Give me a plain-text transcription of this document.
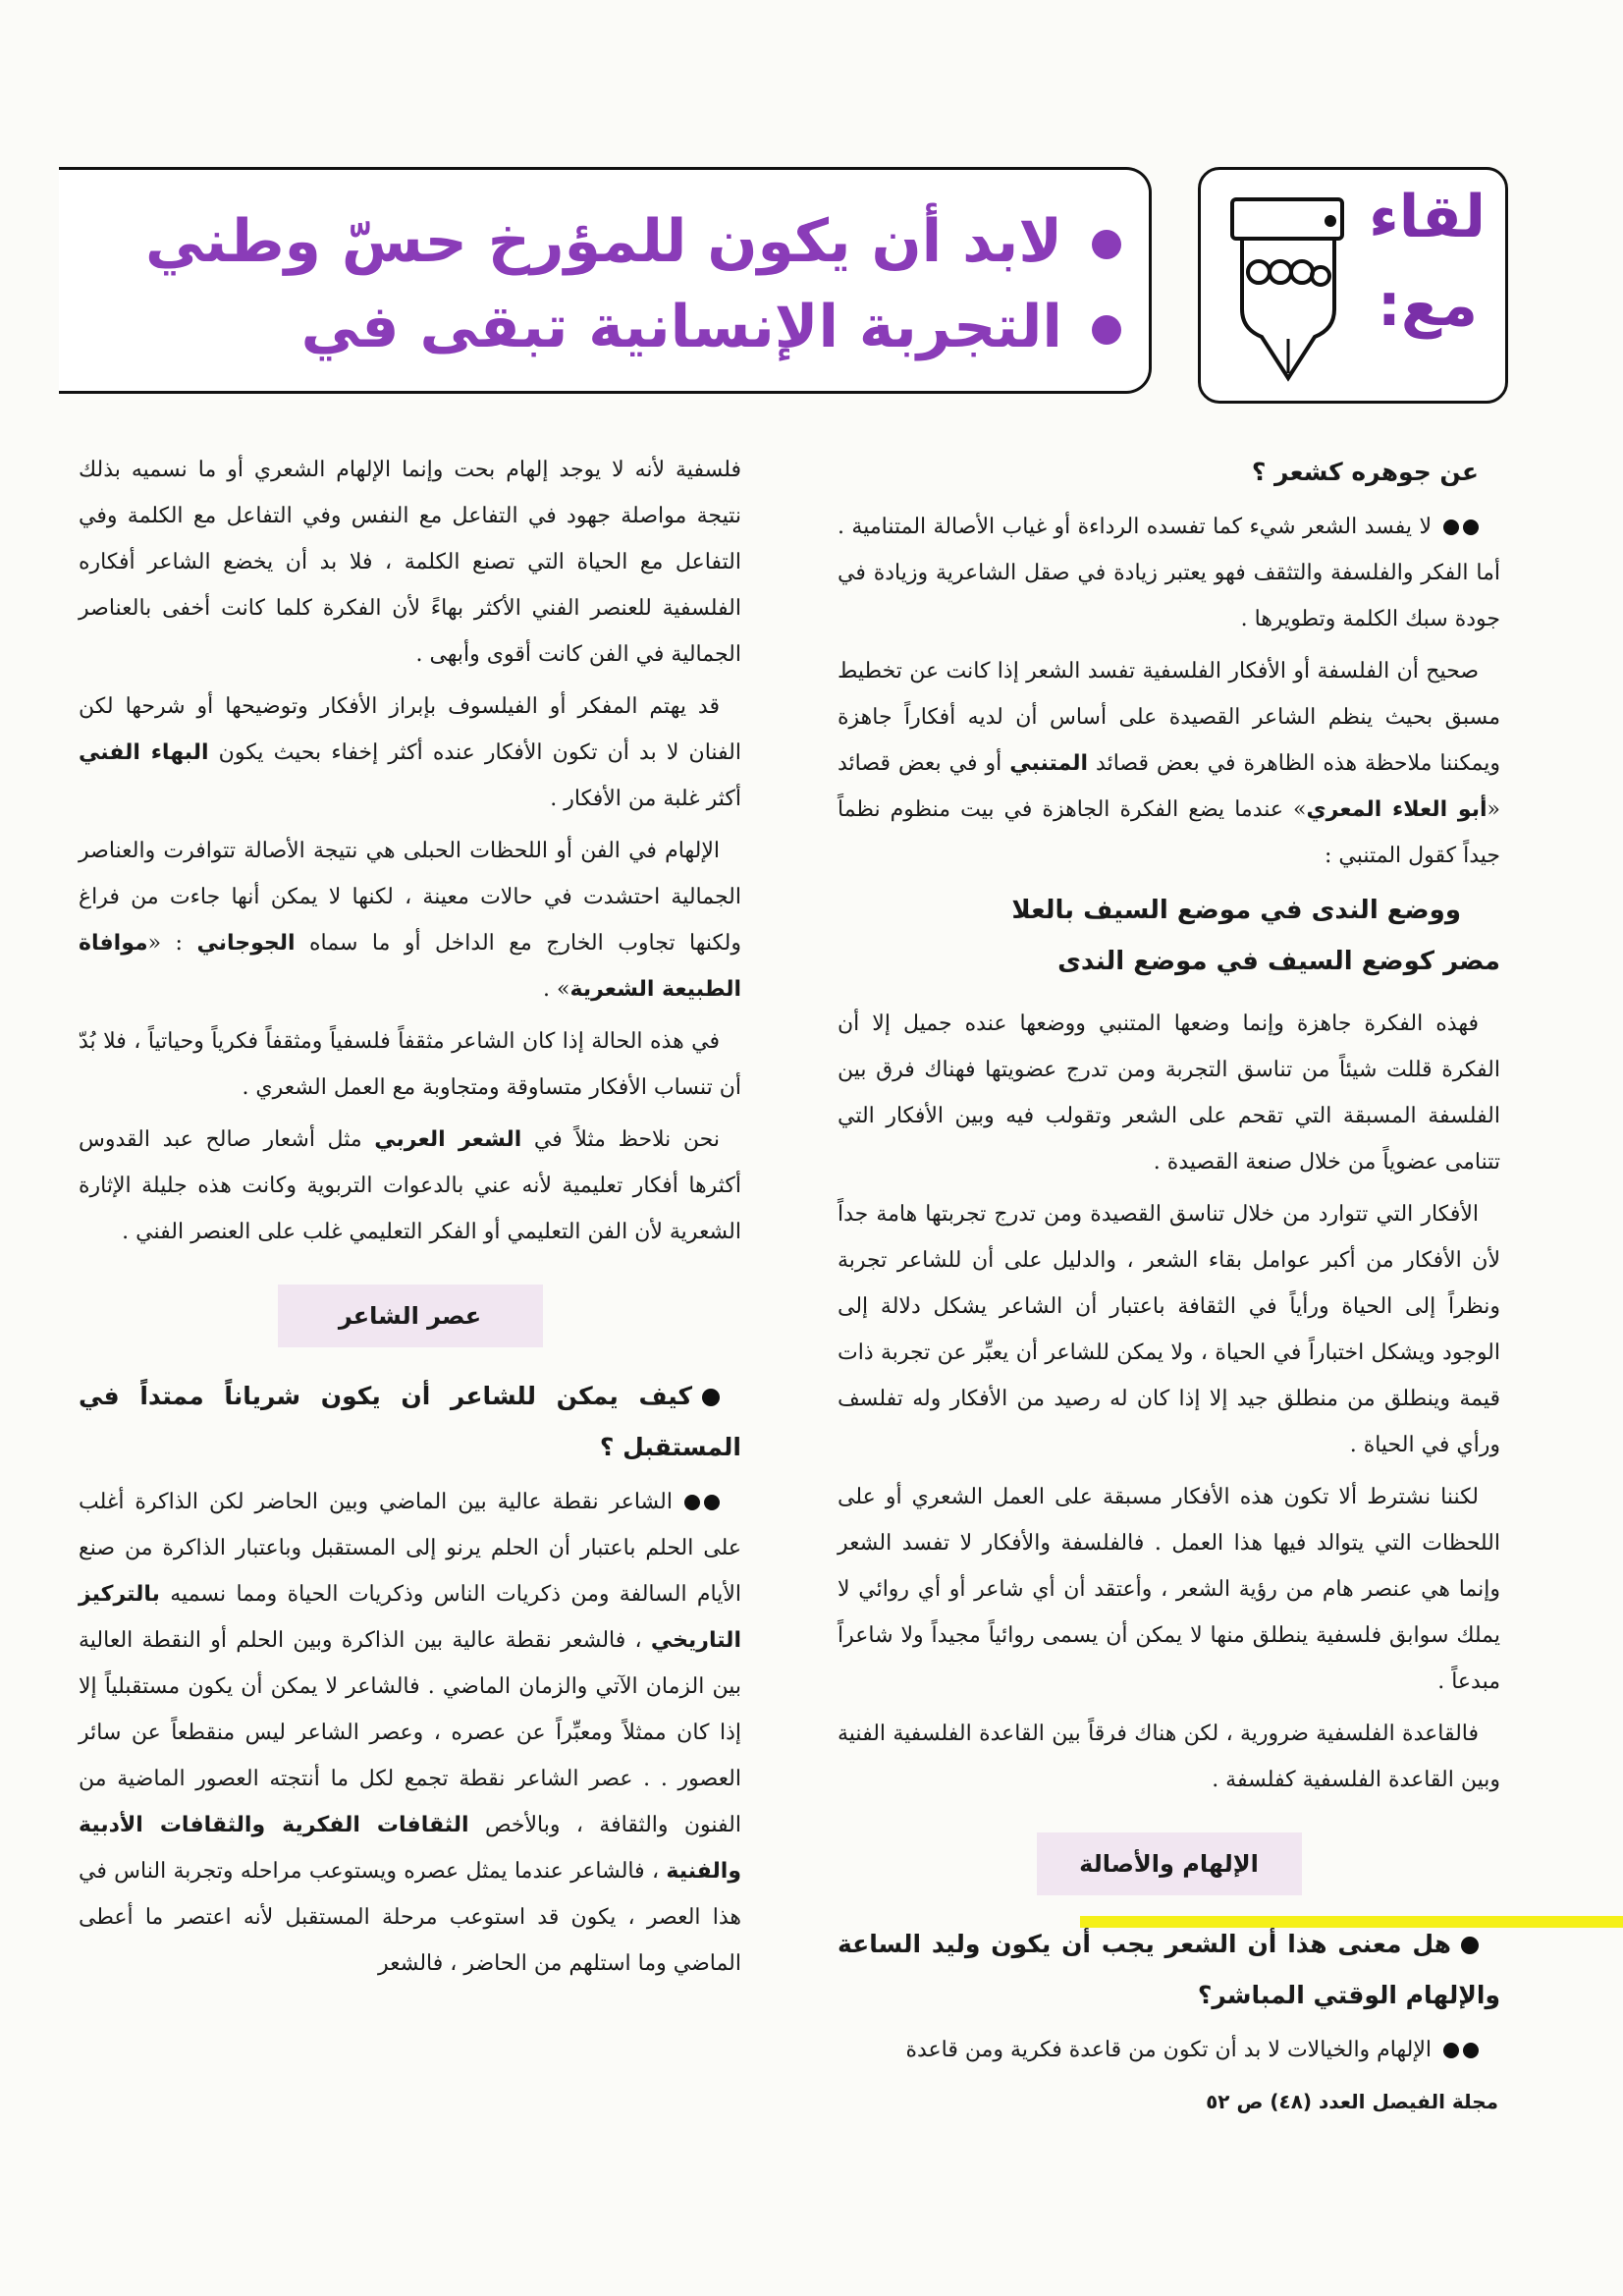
لقاء

مع:

لابد أن يكون للمؤرخ حسّ وطني

التجربة الإنسانية تبقى في

عن جوهره كشعر ؟

لا يفسد الشعر شيء كما تفسده الرداءة أو غياب الأصالة المتنامية . أما الفكر والفلسفة والتثقف فهو يعتبر زيادة في صقل الشاعرية وزيادة في جودة سبك الكلمة وتطويرها .

صحيح أن الفلسفة أو الأفكار الفلسفية تفسد الشعر إذا كانت عن تخطيط مسبق بحيث ينظم الشاعر القصيدة على أساس أن لديه أفكاراً جاهزة ويمكننا ملاحظة هذه الظاهرة في بعض قصائد المتنبي أو في بعض قصائد «أبو العلاء المعري» عندما يضع الفكرة الجاهزة في بيت منظوم نظماً جيداً كقول المتنبي :

ووضع الندى في موضع السيف بالعلا
مضر كوضع السيف في موضع الندى

فهذه الفكرة جاهزة وإنما وضعها المتنبي ووضعها عنده جميل إلا أن الفكرة قللت شيئاً من تناسق التجربة ومن تدرج عضويتها فهناك فرق بين الفلسفة المسبقة التي تقحم على الشعر وتقولب فيه وبين الأفكار التي تتنامى عضوياً من خلال صنعة القصيدة .

الأفكار التي تتوارد من خلال تناسق القصيدة ومن تدرج تجربتها هامة جداً لأن الأفكار من أكبر عوامل بقاء الشعر ، والدليل على أن للشاعر تجربة ونظراً إلى الحياة ورأياً في الثقافة باعتبار أن الشاعر يشكل دلالة إلى الوجود ويشكل اختباراً في الحياة ، ولا يمكن للشاعر أن يعبِّر عن تجربة ذات قيمة وينطلق من منطلق جيد إلا إذا كان له رصيد من الأفكار وله تفلسف ورأي في الحياة .

لكننا نشترط ألا تكون هذه الأفكار مسبقة على العمل الشعري أو على اللحظات التي يتوالد فيها هذا العمل . فالفلسفة والأفكار لا تفسد الشعر وإنما هي عنصر هام من رؤية الشعر ، وأعتقد أن أي شاعر أو أي روائي لا يملك سوابق فلسفية ينطلق منها لا يمكن أن يسمى روائياً مجيداً ولا شاعراً مبدعاً .

فالقاعدة الفلسفية ضرورية ، لكن هناك فرقاً بين القاعدة الفلسفية الفنية وبين القاعدة الفلسفية كفلسفة .

الإلهام والأصالة

هل معنى هذا أن الشعر يجب أن يكون وليد الساعة والإلهام الوقتي المباشر؟

الإلهام والخيالات لا بد أن تكون من قاعدة فكرية ومن قاعدة

فلسفية لأنه لا يوجد إلهام بحت وإنما الإلهام الشعري أو ما نسميه بذلك نتيجة مواصلة جهود في التفاعل مع النفس وفي التفاعل مع الكلمة وفي التفاعل مع الحياة التي تصنع الكلمة ، فلا بد أن يخضع الشاعر أفكاره الفلسفية للعنصر الفني الأكثر بهاءً لأن الفكرة كلما كانت أخفى بالعناصر الجمالية في الفن كانت أقوى وأبهى .

قد يهتم المفكر أو الفيلسوف بإبراز الأفكار وتوضيحها أو شرحها لكن الفنان لا بد أن تكون الأفكار عنده أكثر إخفاء بحيث يكون البهاء الفني أكثر غلبة من الأفكار .

الإلهام في الفن أو اللحظات الحبلى هي نتيجة الأصالة تتوافرت والعناصر الجمالية احتشدت في حالات معينة ، لكنها لا يمكن أنها جاءت من فراغ ولكنها تجاوب الخارج مع الداخل أو ما سماه الجوجاني : «موافاة الطبيعة الشعرية» .

في هذه الحالة إذا كان الشاعر مثقفاً فلسفياً ومثقفاً فكرياً وحياتياً ، فلا بُدّ أن تنساب الأفكار متساوقة ومتجاوبة مع العمل الشعري .

نحن نلاحظ مثلاً في الشعر العربي مثل أشعار صالح عبد القدوس أكثرها أفكار تعليمية لأنه عني بالدعوات التربوية وكانت هذه جليلة الإثارة الشعرية لأن الفن التعليمي أو الفكر التعليمي غلب على العنصر الفني .

عصر الشاعر

كيف يمكن للشاعر أن يكون شرياناً ممتداً في المستقبل ؟

الشاعر نقطة عالية بين الماضي وبين الحاضر لكن الذاكرة أغلب على الحلم باعتبار أن الحلم يرنو إلى المستقبل وباعتبار الذاكرة من صنع الأيام السالفة ومن ذكريات الناس وذكريات الحياة ومما نسميه بالتركيز التاريخي ، فالشعر نقطة عالية بين الذاكرة وبين الحلم أو النقطة العالية بين الزمان الآتي والزمان الماضي . فالشاعر لا يمكن أن يكون مستقبلياً إلا إذا كان ممثلاً ومعبِّراً عن عصره ، وعصر الشاعر ليس منقطعاً عن سائر العصور . . عصر الشاعر نقطة تجمع لكل ما أنتجته العصور الماضية من الفنون والثقافة ، وبالأخص الثقافات الفكرية والثقافات الأدبية والفنية ، فالشاعر عندما يمثل عصره ويستوعب مراحله وتجربة الناس في هذا العصر ، يكون قد استوعب مرحلة المستقبل لأنه اعتصر ما أعطى الماضي وما استلهم من الحاضر ، فالشعر

مجلة الفيصل العدد (٤٨) ص ٥٢
